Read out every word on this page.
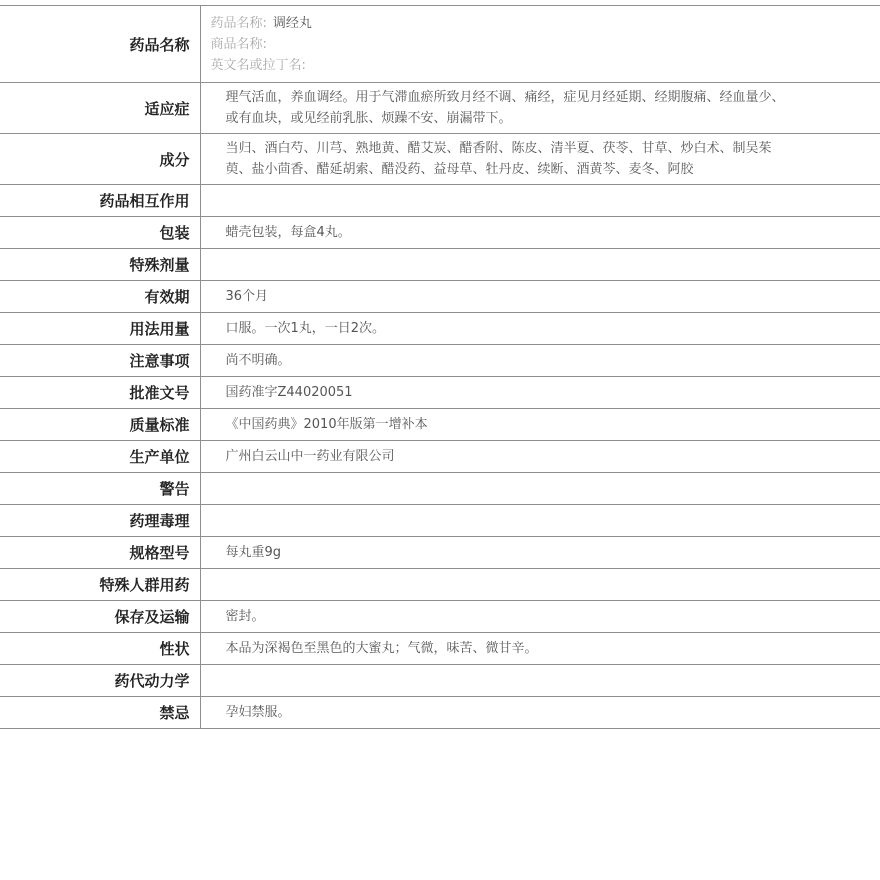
药品名称	药品名称: 调经丸
商品名称:
英文名或拉丁名:

适应症	理气活血，养血调经。用于气滞血瘀所致月经不调、痛经，症见月经延期、经期腹痛、经血量少、或有血块，或见经前乳胀、烦躁不安、崩漏带下。
成分	当归、酒白芍、川芎、熟地黄、醋艾炭、醋香附、陈皮、清半夏、茯苓、甘草、炒白术、制吴茱萸、盐小茴香、醋延胡索、醋没药、益母草、牡丹皮、续断、酒黄芩、麦冬、阿胶
药品相互作用	
包装	蜡壳包装，每盒4丸。
特殊剂量	
有效期	36个月
用法用量	口服。一次1丸，一日2次。
注意事项	尚不明确。
批准文号	国药准字Z44020051
质量标准	《中国药典》2010年版第一增补本
生产单位	广州白云山中一药业有限公司
警告	
药理毒理	
规格型号	每丸重9g
特殊人群用药	
保存及运输	密封。
性状	本品为深褐色至黑色的大蜜丸；气微，味苦、微甘辛。
药代动力学	
禁忌	孕妇禁服。
